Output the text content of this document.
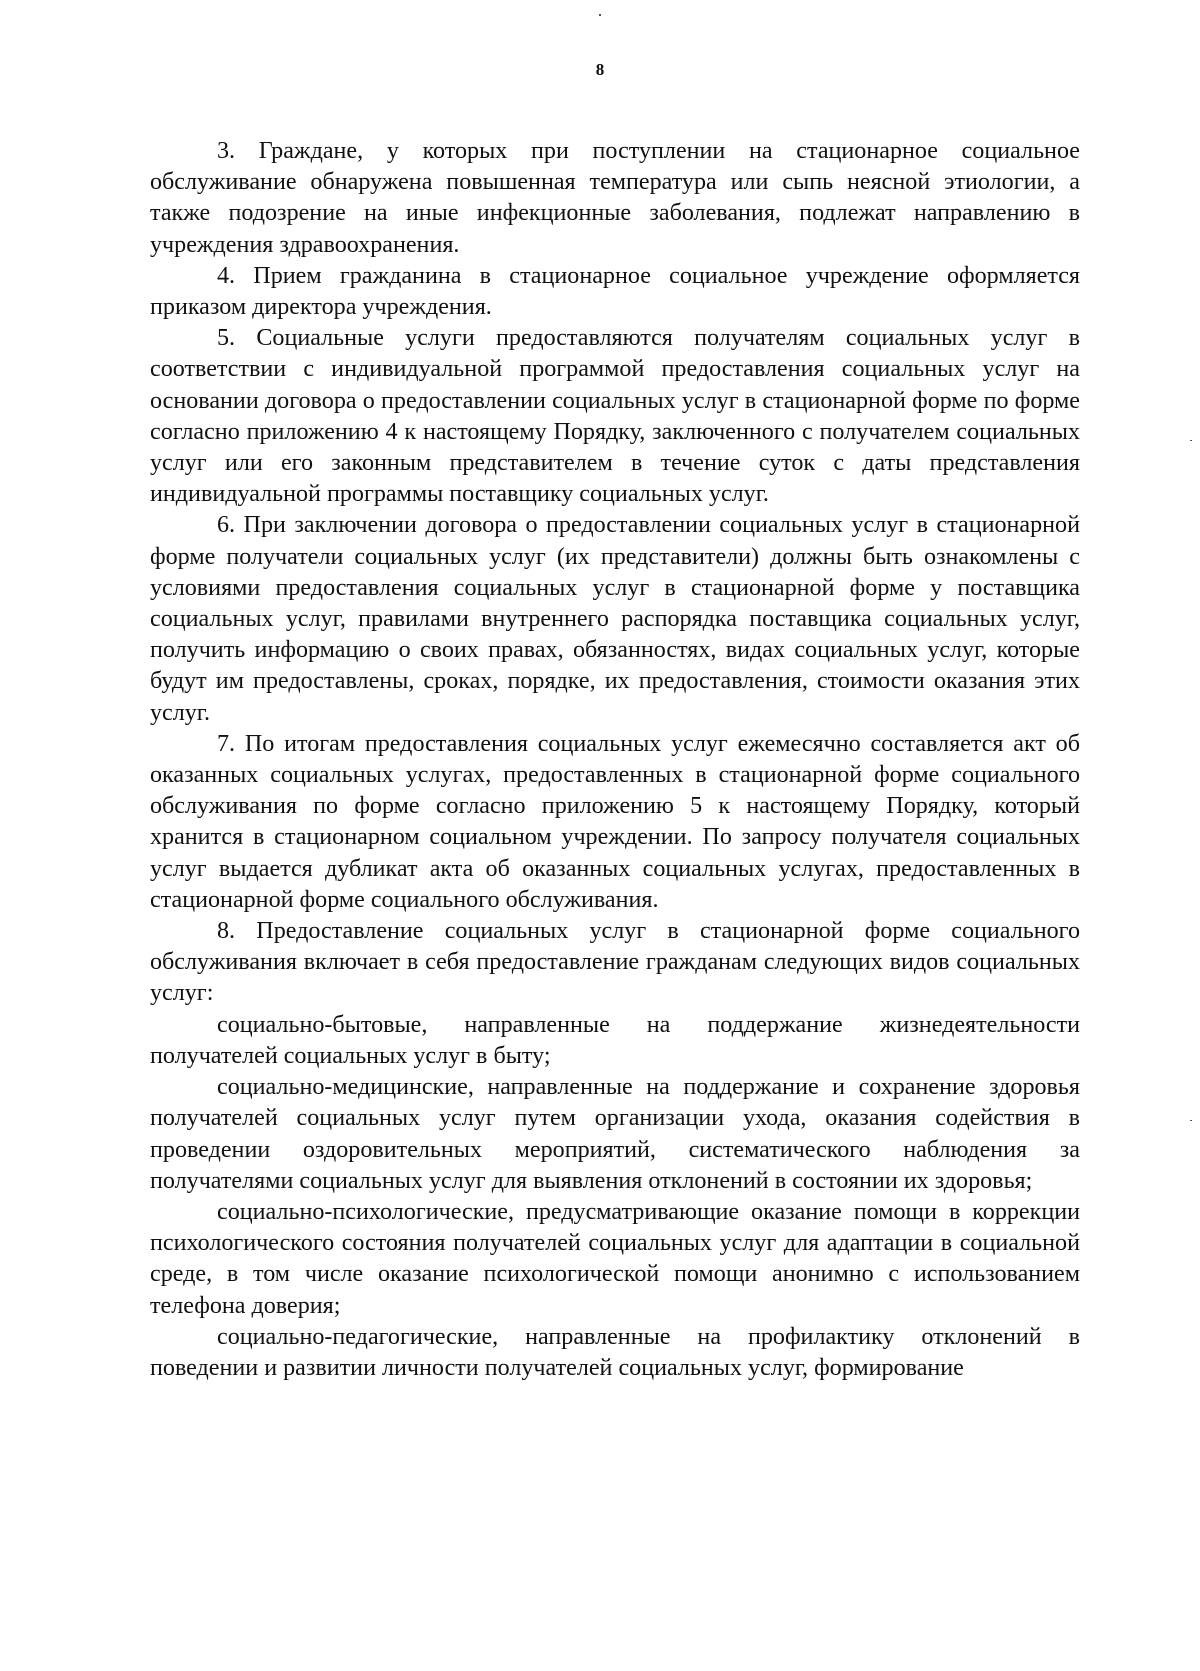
8

3. Граждане, у которых при поступлении на стационарное социальное обслуживание обнаружена повышенная температура или сыпь неясной этиологии, а также подозрение на иные инфекционные заболевания, подлежат направлению в учреждения здравоохранения.

4. Прием гражданина в стационарное социальное учреждение оформляется приказом директора учреждения.

5. Социальные услуги предоставляются получателям социальных услуг в соответствии с индивидуальной программой предоставления социальных услуг на основании договора о предоставлении социальных услуг в стационарной форме по форме согласно приложению 4 к настоящему Порядку, заключенного с получателем социальных услуг или его законным представителем в течение суток с даты представления индивидуальной программы поставщику социальных услуг.

6. При заключении договора о предоставлении социальных услуг в стационарной форме получатели социальных услуг (их представители) должны быть ознакомлены с условиями предоставления социальных услуг в стационарной форме у поставщика социальных услуг, правилами внутреннего распорядка поставщика социальных услуг, получить информацию о своих правах, обязанностях, видах социальных услуг, которые будут им предоставлены, сроках, порядке, их предоставления, стоимости оказания этих услуг.

7. По итогам предоставления социальных услуг ежемесячно составляется акт об оказанных социальных услугах, предоставленных в стационарной форме социального обслуживания по форме согласно приложению 5 к настоящему Порядку, который хранится в стационарном социальном учреждении. По запросу получателя социальных услуг выдается дубликат акта об оказанных социальных услугах, предоставленных в стационарной форме социального обслуживания.

8. Предоставление социальных услуг в стационарной форме социального обслуживания включает в себя предоставление гражданам следующих видов социальных услуг:

социально-бытовые, направленные на поддержание жизнедеятельности получателей социальных услуг в быту;

социально-медицинские, направленные на поддержание и сохранение здоровья получателей социальных услуг путем организации ухода, оказания содействия в проведении оздоровительных мероприятий, систематического наблюдения за получателями социальных услуг для выявления отклонений в состоянии их здоровья;

социально-психологические, предусматривающие оказание помощи в коррекции психологического состояния получателей социальных услуг для адаптации в социальной среде, в том числе оказание психологической помощи анонимно с использованием телефона доверия;

социально-педагогические, направленные на профилактику отклонений в поведении и развитии личности получателей социальных услуг, формирование
